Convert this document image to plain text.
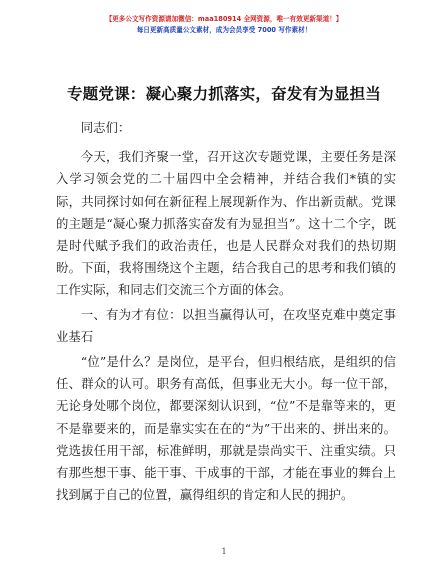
【更多公文写作资源请加微信：maa180914 全网资源，唯一有效更新渠道！】
每日更新高质量公文素材，成为会员享受 7000 写作素材！
专题党课：凝心聚力抓落实，奋发有为显担当

同志们：

今天，我们齐聚一堂，召开这次专题党课，主要任务是深入学习领会党的二十届四中全会精神，并结合我们*镇的实际，共同探讨如何在新征程上展现新作为、作出新贡献。党课的主题是“凝心聚力抓落实奋发有为显担当”。这十二个字，既是时代赋予我们的政治责任，也是人民群众对我们的热切期盼。下面，我将围绕这个主题，结合我自己的思考和我们镇的工作实际，和同志们交流三个方面的体会。

一、有为才有位：以担当赢得认可，在攻坚克难中奠定事业基石

“位”是什么？是岗位，是平台，但归根结底，是组织的信任、群众的认可。职务有高低，但事业无大小。每一位干部，无论身处哪个岗位，都要深刻认识到，“位”不是靠等来的，更不是靠要来的，而是靠实实在在的“为”干出来的、拼出来的。党选拔任用干部，标准鲜明，那就是崇尚实干、注重实绩。只有那些想干事、能干事、干成事的干部，才能在事业的舞台上找到属于自己的位置，赢得组织的肯定和人民的拥护。

1
